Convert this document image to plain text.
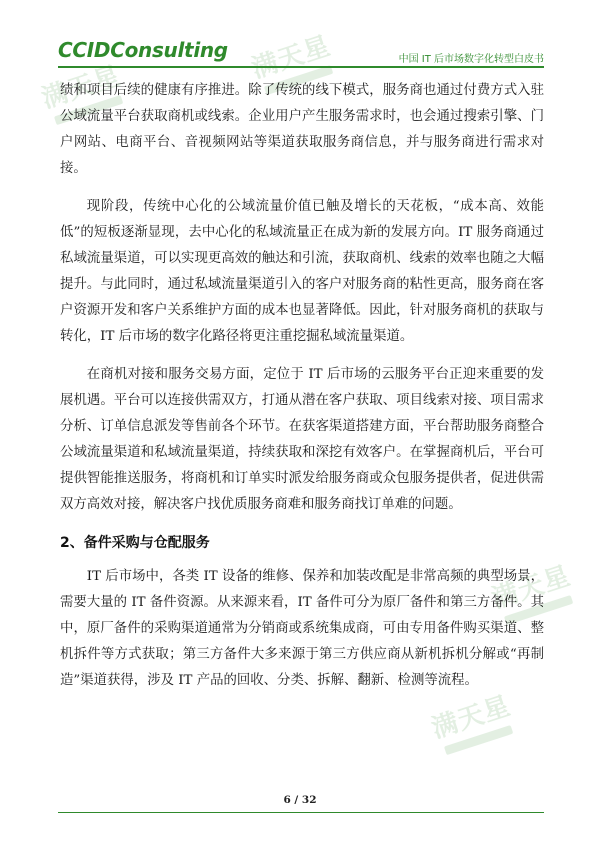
CCIDConsulting	中国 IT 后市场数字化转型白皮书
满天星
满天星
满天星
满天星

绩和项目后续的健康有序推进。除了传统的线下模式，服务商也通过付费方式入驻公域流量平台获取商机或线索。企业用户产生服务需求时，也会通过搜索引擎、门户网站、电商平台、音视频网站等渠道获取服务商信息，并与服务商进行需求对接。

现阶段，传统中心化的公域流量价值已触及增长的天花板，“成本高、效能低”的短板逐渐显现，去中心化的私域流量正在成为新的发展方向。IT 服务商通过私域流量渠道，可以实现更高效的触达和引流，获取商机、线索的效率也随之大幅提升。与此同时，通过私域流量渠道引入的客户对服务商的粘性更高，服务商在客户资源开发和客户关系维护方面的成本也显著降低。因此，针对服务商机的获取与转化，IT 后市场的数字化路径将更注重挖掘私域流量渠道。

在商机对接和服务交易方面，定位于 IT 后市场的云服务平台正迎来重要的发展机遇。平台可以连接供需双方，打通从潜在客户获取、项目线索对接、项目需求分析、订单信息派发等售前各个环节。在获客渠道搭建方面，平台帮助服务商整合公域流量渠道和私域流量渠道，持续获取和深挖有效客户。在掌握商机后，平台可提供智能推送服务，将商机和订单实时派发给服务商或众包服务提供者，促进供需双方高效对接，解决客户找优质服务商难和服务商找订单难的问题。

2、备件采购与仓配服务

IT 后市场中，各类 IT 设备的维修、保养和加装改配是非常高频的典型场景，需要大量的 IT 备件资源。从来源来看，IT 备件可分为原厂备件和第三方备件。其中，原厂备件的采购渠道通常为分销商或系统集成商，可由专用备件购买渠道、整机拆件等方式获取；第三方备件大多来源于第三方供应商从新机拆机分解或“再制造”渠道获得，涉及 IT 产品的回收、分类、拆解、翻新、检测等流程。

6 / 32
